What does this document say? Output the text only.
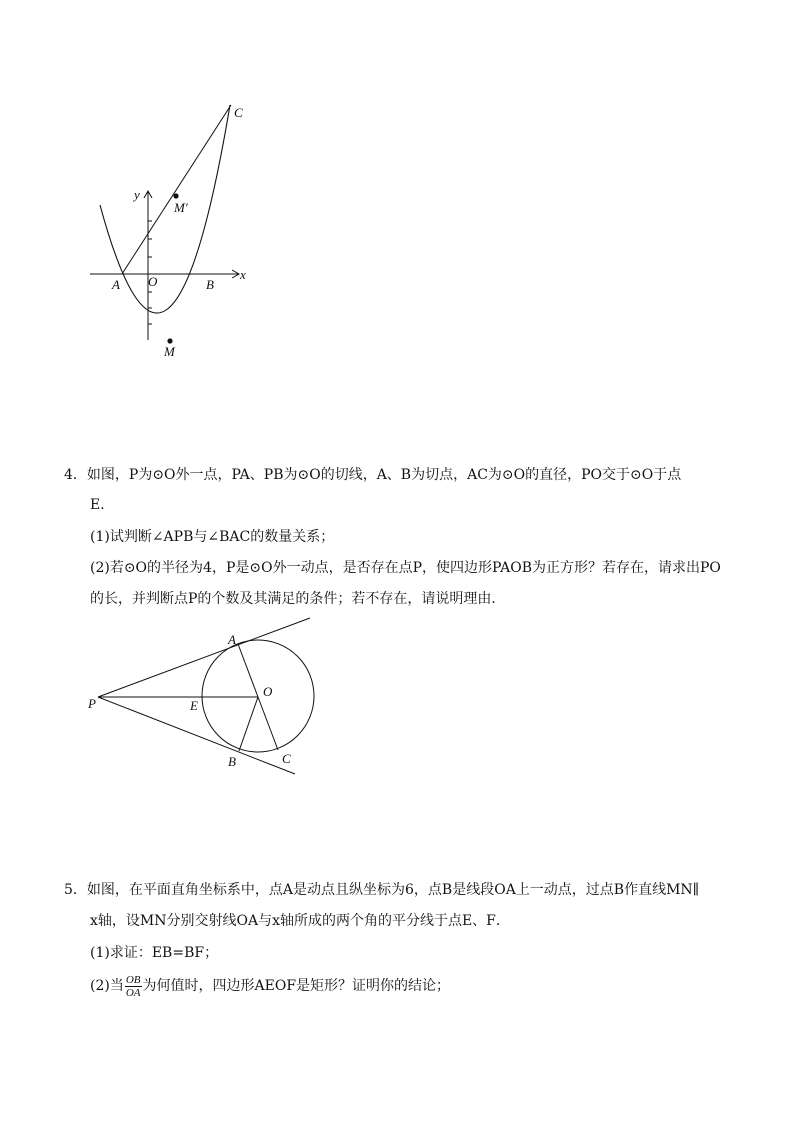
C
M′
y
x
A O	B
M
4．如图，P为⊙O外一点，PA、PB为⊙O的切线，A、B为切点，AC为⊙O的直径，PO交于⊙O于点
E．
(1)试判断∠APB与∠BAC的数量关系；
(2)若⊙O的半径为4，P是⊙O外一动点，是否存在点P，使四边形PAOB为正方形？若存在，请求出PO
的长，并判断点P的个数及其满足的条件；若不存在，请说明理由．
A
O
P	E
B	C
5．如图，在平面直角坐标系中，点A是动点且纵坐标为6，点B是线段OA上一动点，过点B作直线MN∥
x轴，设MN分别交射线OA与x轴所成的两个角的平分线于点E、F．
(1)求证：EB=BF；
(2)当 $\frac{OB}{OA}$ 为何值时，四边形AEOF是矩形？证明你的结论；
